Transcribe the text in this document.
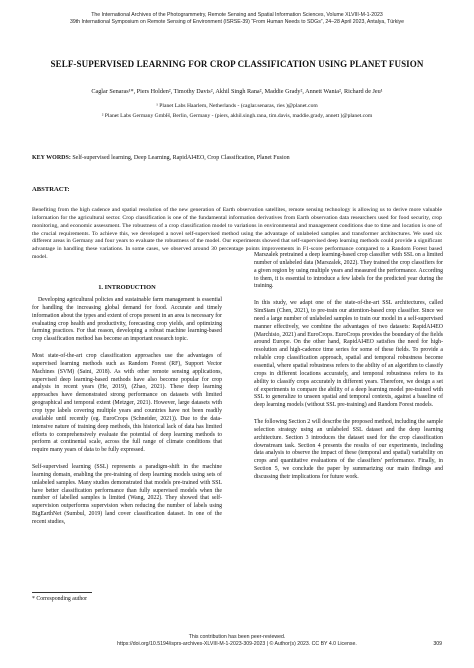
The International Archives of the Photogrammetry, Remote Sensing and Spatial Information Sciences, Volume XLVIII-M-1-2023
39th International Symposium on Remote Sensing of Environment (ISRSE-39) “From Human Needs to SDGs”, 24–28 April 2023, Antalya, Türkiye
SELF-SUPERVISED LEARNING FOR CROP CLASSIFICATION USING PLANET FUSION
Caglar Senaras¹*, Piers Holden², Timothy Davis², Akhil Singh Rana², Maddie Grady², Annett Wania², Richard de Jeu¹
¹ Planet Labs Haarlem, Netherlands - (caglar.senaras, ries )@planet.com
² Planet Labs Germany GmbH, Berlin, Germany - (piers, akhil.singh.rana, tim.davis, maddie.grady, annett )@planet.com
KEY WORDS: Self-supervised learning, Deep Learning, RapidAI4EO, Crop Classification, Planet Fusion
ABSTRACT:
Benefiting from the high cadence and spatial resolution of the new generation of Earth observation satellites, remote sensing technology is allowing us to derive more valuable information for the agricultural sector. Crop classification is one of the fundamental information derivatives from Earth observation data researchers used for food security, crop monitoring, and economic assessment. The robustness of a crop classification model to variations in environmental and management conditions due to time and location is one of the crucial requirements. To achieve this, we developed a novel self-supervised method using the advantage of unlabeled samples and transformer architectures. We used six different areas in Germany and four years to evaluate the robustness of the model. Our experiments showed that self-supervised deep learning methods could provide a significant advantage in handling these variations. In some cases, we observed around 30 percentage points improvements in F1-score performance compared to a Random Forest based model.
1. INTRODUCTION

Developing agricultural policies and sustainable farm management is essential for handling the increasing global demand for food. Accurate and timely information about the types and extent of crops present in an area is necessary for evaluating crop health and productivity, forecasting crop yields, and optimizing farming practices. For that reason, developing a robust machine learning-based crop classification method has become an important research topic.

Most state-of-the-art crop classification approaches use the advantages of supervised learning methods such as Random Forest (RF), Support Vector Machines (SVM) (Saini, 2018). As with other remote sensing applications, supervised deep learning-based methods have also become popular for crop analysis in recent years (He, 2019), (Zhao, 2021). These deep learning approaches have demonstrated strong performance on datasets with limited geographical and temporal extent (Metzger, 2021). However, large datasets with crop type labels covering multiple years and countries have not been readily available until recently (eg. EuroCrops (Schneider, 2021)). Due to the data-intensive nature of training deep methods, this historical lack of data has limited efforts to comprehensively evaluate the potential of deep learning methods to perform at continental scale, across the full range of climate conditions that require many years of data to be fully expressed.

Self-supervised learning (SSL) represents a paradigm-shift in the machine learning domain, enabling the pre-training of deep learning models using sets of unlabeled samples. Many studies demonstrated that models pre-trained with SSL have better classification performance than fully supervised models when the number of labelled samples is limited (Wang, 2022). They showed that self-supervision outperforms supervision when reducing the number of labels using BigEarthNet (Sumbul, 2019) land cover classification dataset. In one of the recent studies,

Marszalek pretrained a deep learning-based crop classifier with SSL on a limited number of unlabeled data (Marszalek, 2022). They trained the crop classifiers for a given region by using multiple years and measured the performance. According to them, it is essential to introduce a few labels for the predicted year during the training.

In this study, we adapt one of the state-of-the-art SSL architectures, called SimSiam (Chen, 2021), to pre-train our attention-based crop classifier. Since we need a large number of unlabeled samples to train our model in a self-supervised manner effectively, we combine the advantages of two datasets: RapidAI4EO (Marchisio, 2021) and EuroCrops. EuroCrops provides the boundary of the fields around Europe. On the other hand, RapidAI4EO satisfies the need for high-resolution and high-cadence time series for some of these fields. To provide a reliable crop classification approach, spatial and temporal robustness become essential, where spatial robustness refers to the ability of an algorithm to classify crops in different locations accurately, and temporal robustness refers to its ability to classify crops accurately in different years. Therefore, we design a set of experiments to compare the ability of a deep learning model pre-trained with SSL to generalize to unseen spatial and temporal contexts, against a baseline of deep learning models (without SSL pre-training) and Random Forest models.

The following Section 2 will describe the proposed method, including the sample selection strategy using an unlabeled SSL dataset and the deep learning architecture. Section 3 introduces the dataset used for the crop classification downstream task. Section 4 presents the results of our experiments, including data analysis to observe the impact of these (temporal and spatial) variability on crops and quantitative evaluations of the classifiers' performance. Finally, in Section 5, we conclude the paper by summarizing our main findings and discussing their implications for future work.

* Corresponding author
This contribution has been peer-reviewed.
https://doi.org/10.5194/isprs-archives-XLVIII-M-1-2023-309-2023 | © Author(s) 2023. CC BY 4.0 License.	309
